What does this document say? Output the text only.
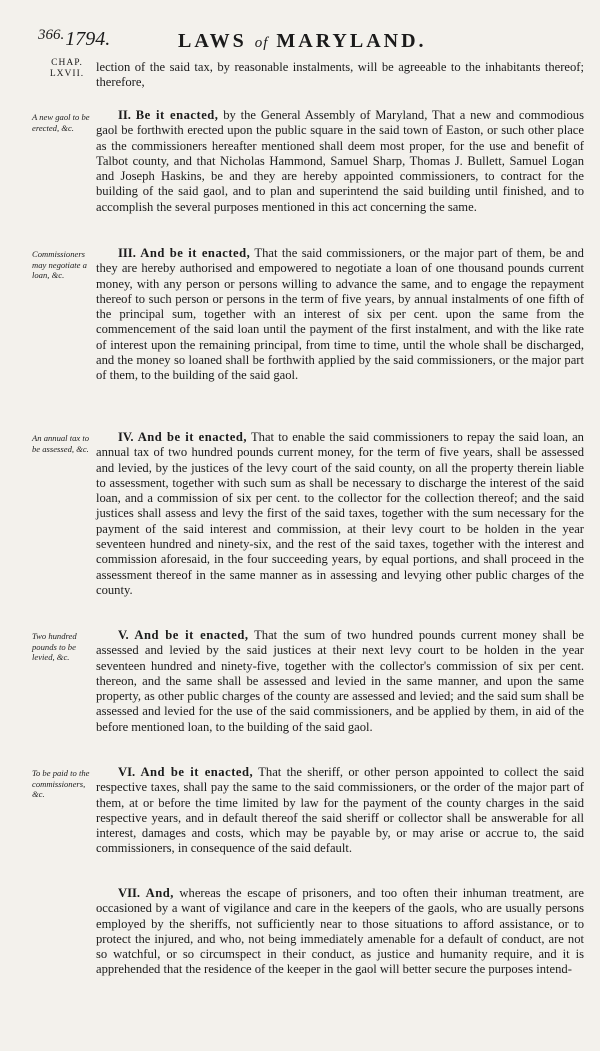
$^{366.}$1794.	LAWS of MARYLAND.
CHAP.
LXVII. lection of the said tax, by reasonable instalments, will be agreeable to the inhabitants thereof; therefore,
A new gaol to be erected, &c.
II. Be it enacted, by the General Assembly of Maryland, That a new and commodious gaol be forthwith erected upon the public square in the said town of Easton, or such other place as the commissioners hereafter mentioned shall deem most proper, for the use and benefit of Talbot county, and that Nicholas Hammond, Samuel Sharp, Thomas J. Bullett, Samuel Logan and Joseph Haskins, be and they are hereby appointed commissioners, to contract for the building of the said gaol, and to plan and superintend the said building until finished, and to accomplish the several purposes mentioned in this act concerning the same.
Commissioners may negotiate a loan, &c.
III. And be it enacted, That the said commissioners, or the major part of them, be and they are hereby authorised and empowered to negotiate a loan of one thousand pounds current money, with any person or persons willing to advance the same, and to engage the repayment thereof to such person or persons in the term of five years, by annual instalments of one fifth of the principal sum, together with an interest of six per cent. upon the same from the commencement of the said loan until the payment of the first instalment, and with the like rate of interest upon the remaining principal, from time to time, until the whole shall be discharged, and the money so loaned shall be forthwith applied by the said commissioners, or the major part of them, to the building of the said gaol.
An annual tax to be assessed, &c.
IV. And be it enacted, That to enable the said commissioners to repay the said loan, an annual tax of two hundred pounds current money, for the term of five years, shall be assessed and levied, by the justices of the levy court of the said county, on all the property therein liable to assessment, together with such sum as shall be necessary to discharge the interest of the said loan, and a commission of six per cent. to the collector for the collection thereof; and the said justices shall assess and levy the first of the said taxes, together with the sum necessary for the payment of the said interest and commission, at their levy court to be holden in the year seventeen hundred and ninety-six, and the rest of the said taxes, together with the interest and commission aforesaid, in the four succeeding years, by equal portions, and shall proceed in the assessment thereof in the same manner as in assessing and levying other public charges of the county.
Two hundred pounds to be levied, &c.
V. And be it enacted, That the sum of two hundred pounds current money shall be assessed and levied by the said justices at their next levy court to be holden in the year seventeen hundred and ninety-five, together with the collector's commission of six per cent. thereon, and the same shall be assessed and levied in the same manner, and upon the same property, as other public charges of the county are assessed and levied; and the said sum shall be assessed and levied for the use of the said commissioners, and be applied by them, in aid of the before mentioned loan, to the building of the said gaol.
To be paid to the commissioners, &c.
VI. And be it enacted, That the sheriff, or other person appointed to collect the said respective taxes, shall pay the same to the said commissioners, or the order of the major part of them, at or before the time limited by law for the payment of the county charges in the said respective years, and in default thereof the said sheriff or collector shall be answerable for all interest, damages and costs, which may be payable by, or may arise or accrue to, the said commissioners, in consequence of the said default.
VII. And, whereas the escape of prisoners, and too often their inhuman treatment, are occasioned by a want of vigilance and care in the keepers of the gaols, who are usually persons employed by the sheriffs, not sufficiently near to those situations to afford assistance, or to protect the injured, and who, not being immediately amenable for a default of conduct, are not so watchful, or so circumspect in their conduct, as justice and humanity require, and it is apprehended that the residence of the keeper in the gaol will better secure the purposes intend-
